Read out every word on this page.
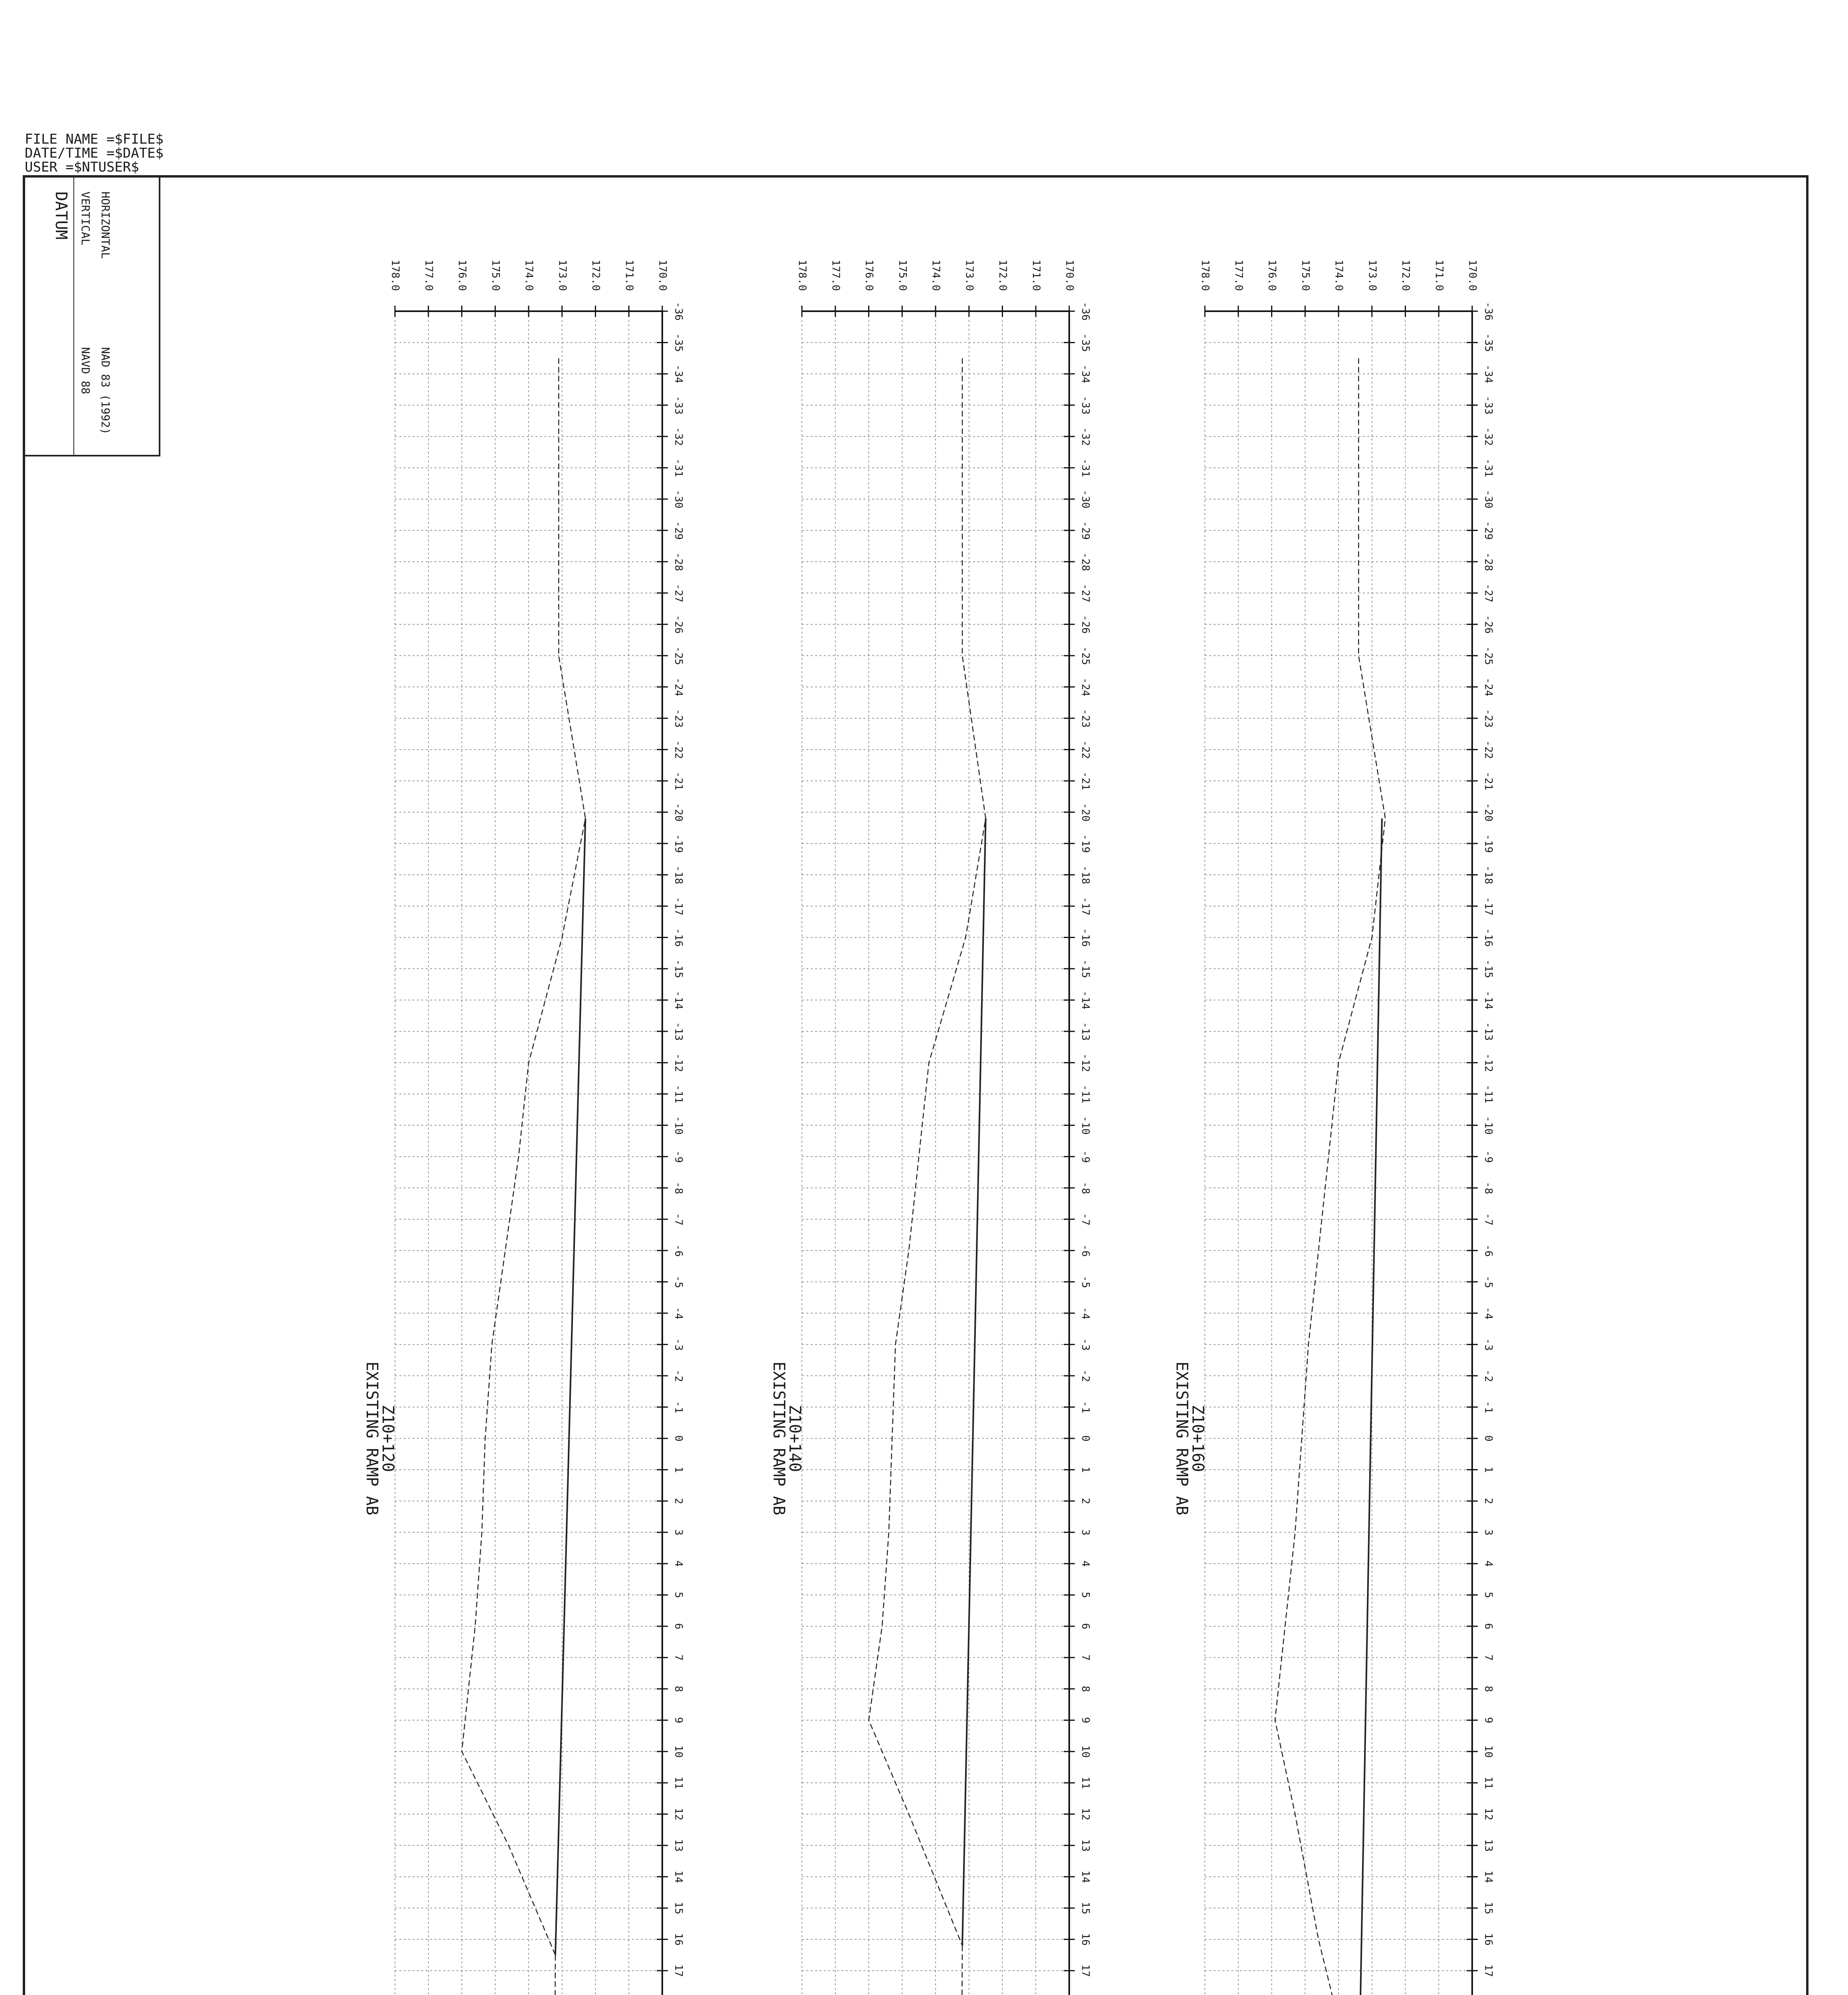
FILE NAME =$FILE$
DATE/TIME =$DATE$
USER =$NTUSER$
DATUM VERTICAL HORIZONTAL
NAVD 88 NAD 83 (1992)
-36
-35
-34
-33
-32
-31
-30
-29
-28
-27
-26
-25
-24
-23
-22
-21
-20
-19
-18
-17
-16
-15
-14
-13
-12
-11
-10
-9
-8
-7
-6
-5
-4
-3
-2
-1
0
1
2
3
4
5
6
7
8
9
10
11
12
13
14
15
16
17
170.0
171.0
172.0
173.0
174.0
175.0
176.0
177.0
178.0
EXISTING RAMP AB
Z10+160
-36
-35
-34
-33
-32
-31
-30
-29
-28
-27
-26
-25
-24
-23
-22
-21
-20
-19
-18
-17
-16
-15
-14
-13
-12
-11
-10
-9
-8
-7
-6
-5
-4
-3
-2
-1
0
1
2
3
4
5
6
7
8
9
10
11
12
13
14
15
16
17
170.0
171.0
172.0
173.0
174.0
175.0
176.0
177.0
178.0
EXISTING RAMP AB
Z10+140
-36
-35
-34
-33
-32
-31
-30
-29
-28
-27
-26
-25
-24
-23
-22
-21
-20
-19
-18
-17
-16
-15
-14
-13
-12
-11
-10
-9
-8
-7
-6
-5
-4
-3
-2
-1
0
1
2
3
4
5
6
7
8
9
10
11
12
13
14
15
16
17
170.0
171.0
172.0
173.0
174.0
175.0
176.0
177.0
178.0
EXISTING RAMP AB
Z10+120
